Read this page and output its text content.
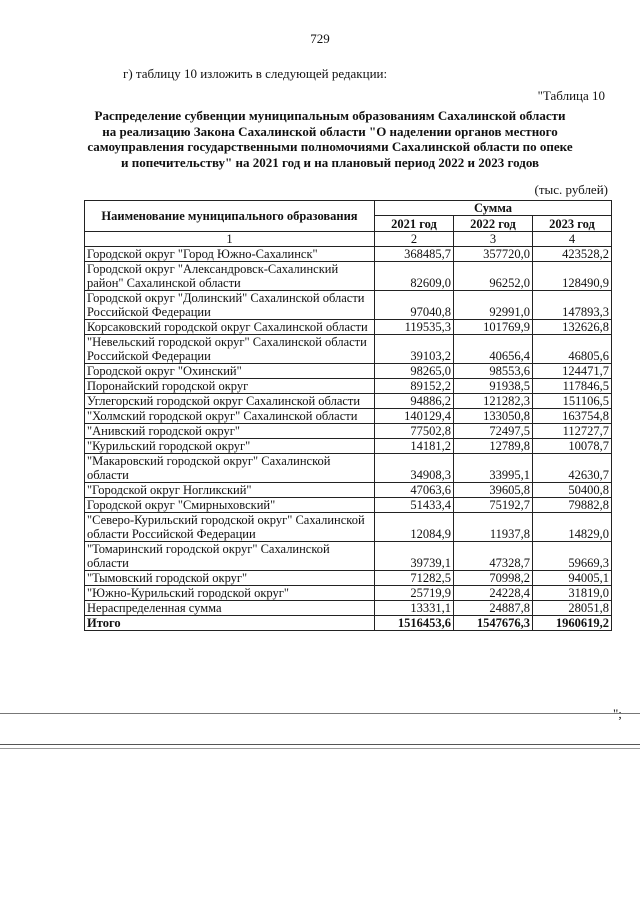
729
г) таблицу 10 изложить в следующей редакции:
"Таблица 10
Распределение субвенции муниципальным образованиям Сахалинской области
на реализацию Закона Сахалинской области "О наделении органов местного
самоуправления государственными полномочиями Сахалинской области по опеке
и попечительству" на 2021 год и на плановый период 2022 и 2023 годов
(тыс. рублей)
Наименование муниципального образования	Сумма		
	2021 год	2022 год	2023 год
1	2	3	4
Городской округ "Город Южно-Сахалинск"	368485,7	357720,0	423528,2
Городской округ "Александровск-Сахалинский район" Сахалинской области	82609,0	96252,0	128490,9
Городской округ "Долинский" Сахалинской области Российской Федерации	97040,8	92991,0	147893,3
Корсаковский городской округ Сахалинской области	119535,3	101769,9	132626,8
"Невельский городской округ" Сахалинской области Российской Федерации	39103,2	40656,4	46805,6
Городской округ "Охинский"	98265,0	98553,6	124471,7
Поронайский городской округ	89152,2	91938,5	117846,5
Углегорский городской округ Сахалинской области	94886,2	121282,3	151106,5
"Холмский городской округ" Сахалинской области	140129,4	133050,8	163754,8
"Анивский городской округ"	77502,8	72497,5	112727,7
"Курильский городской округ"	14181,2	12789,8	10078,7
"Макаровский городской округ" Сахалинской области	34908,3	33995,1	42630,7
"Городской округ Ногликский"	47063,6	39605,8	50400,8
Городской округ "Смирныховский"	51433,4	75192,7	79882,8
"Северо-Курильский городской округ" Сахалинской области Российской Федерации	12084,9	11937,8	14829,0
"Томаринский городской округ" Сахалинской области	39739,1	47328,7	59669,3
"Тымовский городской округ"	71282,5	70998,2	94005,1
"Южно-Курильский городской округ"	25719,9	24228,4	31819,0
Нераспределенная сумма	13331,1	24887,8	28051,8
Итого	1516453,6	1547676,3	1960619,2
";
